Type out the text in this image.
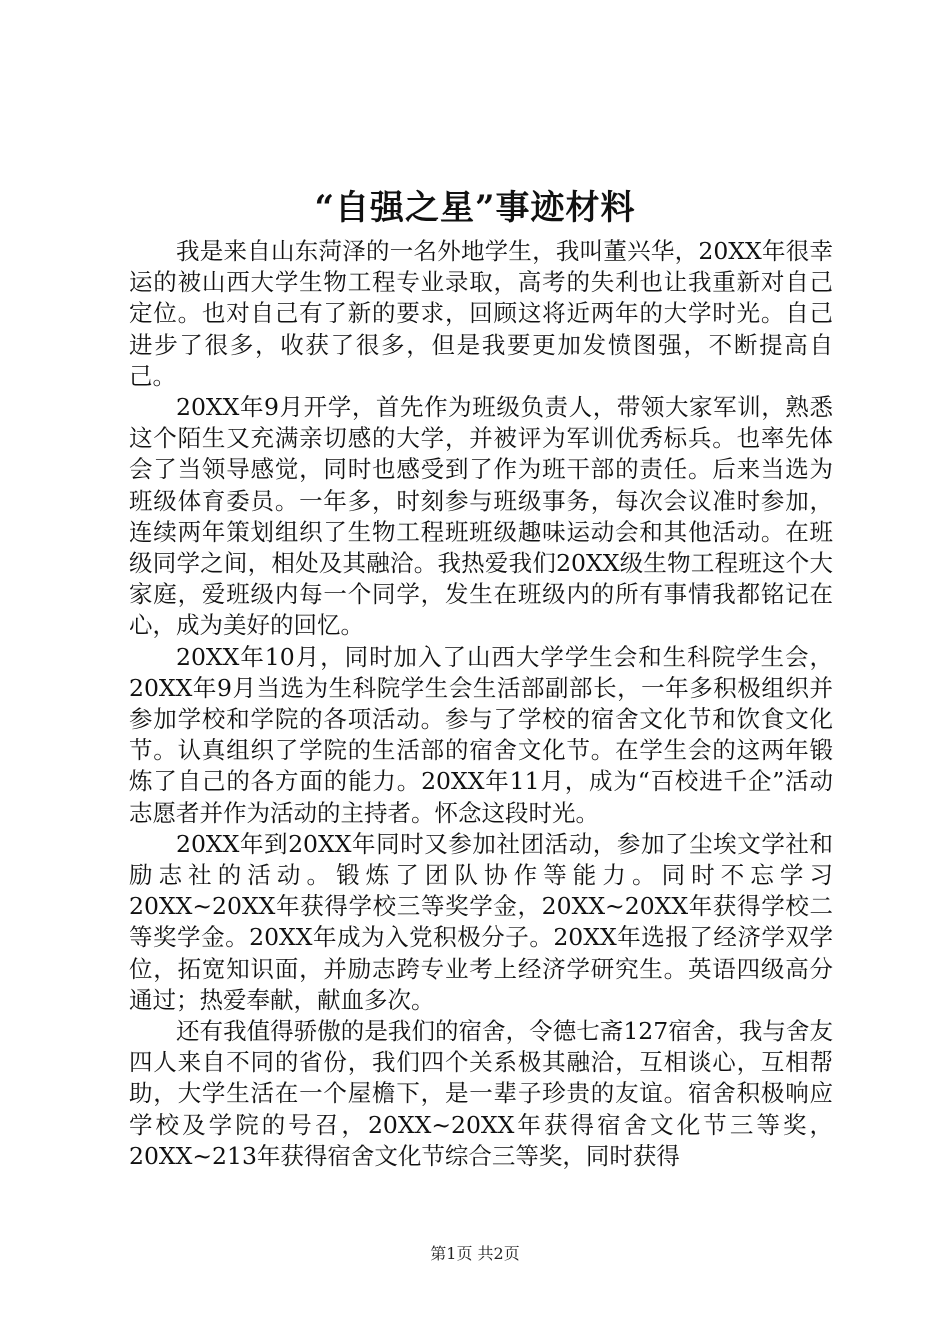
“自强之星”事迹材料

我是来自山东菏泽的一名外地学生，我叫董兴华，20XX年很幸运的被山西大学生物工程专业录取，高考的失利也让我重新对自己定位。也对自己有了新的要求，回顾这将近两年的大学时光。自己进步了很多，收获了很多，但是我要更加发愤图强，不断提高自己。

20XX年9月开学，首先作为班级负责人，带领大家军训，熟悉这个陌生又充满亲切感的大学，并被评为军训优秀标兵。也率先体会了当领导感觉，同时也感受到了作为班干部的责任。后来当选为班级体育委员。一年多，时刻参与班级事务，每次会议准时参加，连续两年策划组织了生物工程班班级趣味运动会和其他活动。在班级同学之间，相处及其融洽。我热爱我们20XX级生物工程班这个大家庭，爱班级内每一个同学，发生在班级内的所有事情我都铭记在心，成为美好的回忆。

20XX年10月，同时加入了山西大学学生会和生科院学生会，20XX年9月当选为生科院学生会生活部副部长，一年多积极组织并参加学校和学院的各项活动。参与了学校的宿舍文化节和饮食文化节。认真组织了学院的生活部的宿舍文化节。在学生会的这两年锻炼了自己的各方面的能力。20XX年11月，成为“百校进千企”活动志愿者并作为活动的主持者。怀念这段时光。

20XX年到20XX年同时又参加社团活动，参加了尘埃文学社和励志社的活动。锻炼了团队协作等能力。同时不忘学习20XX~20XX年获得学校三等奖学金，20XX~20XX年获得学校二等奖学金。20XX年成为入党积极分子。20XX年选报了经济学双学位，拓宽知识面，并励志跨专业考上经济学研究生。英语四级高分通过；热爱奉献，献血多次。

还有我值得骄傲的是我们的宿舍，令德七斋127宿舍，我与舍友四人来自不同的省份，我们四个关系极其融洽，互相谈心，互相帮助，大学生活在一个屋檐下，是一辈子珍贵的友谊。宿舍积极响应学校及学院的号召，20XX~20XX年获得宿舍文化节三等奖，20XX~213年获得宿舍文化节综合三等奖，同时获得

第1页 共2页
